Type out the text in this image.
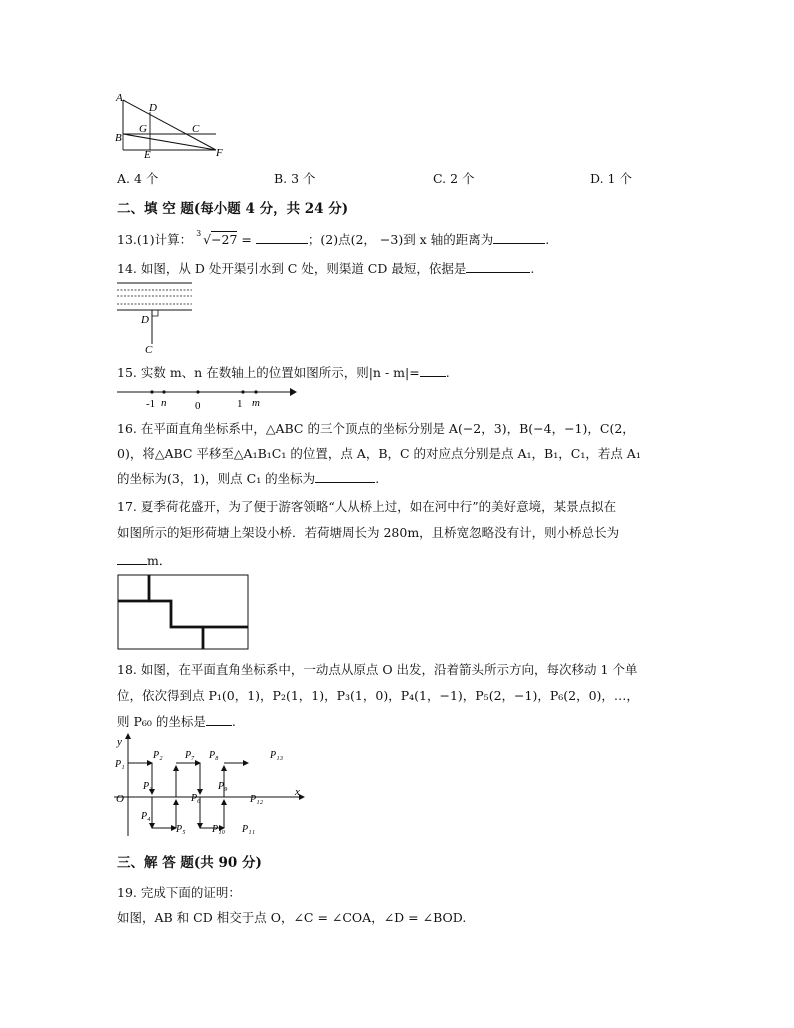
A
D
G	C
B
E	F
A. 4 个	B. 3 个	C. 2 个	D. 1 个
二、填 空 题(每小题 4 分，共 24 分)
13.(1)计算： 3 √−27 =	；(2)点(2， −3)到 x 轴的距离为	.
14. 如图，从 D 处开渠引水到 C 处，则渠道 CD 最短，依据是	.
D
C
15. 实数 m、n 在数轴上的位置如图所示，则|n - m|= .
-1 n	0	1 m
16. 在平面直角坐标系中，△ABC 的三个顶点的坐标分别是 A(−2，3)，B(−4，−1)，C(2，
0)，将△ABC 平移至△A₁B₁C₁ 的位置，点 A，B，C 的对应点分别是点 A₁，B₁，C₁，若点 A₁
的坐标为(3，1)，则点 C₁ 的坐标为	.
17. 夏季荷花盛开，为了便于游客领略“人从桥上过，如在河中行”的美好意境，某景点拟在
如图所示的矩形荷塘上架设小桥．若荷塘周长为 280m，且桥宽忽略没有计，则小桥总长为
m．
18. 如图，在平面直角坐标系中，一动点从原点 O 出发，沿着箭头所示方向，每次移动 1 个单
位，依次得到点 P₁(0，1)，P₂(1，1)，P₃(1，0)，P₄(1，−1)，P₅(2，−1)，P₆(2，0)，…，
则 P₆₀ 的坐标是 .
y
x
O
P₁
P₂
P₃
P₄
P₅
P₆
P₇ P₈
P₉
P₁₀ P₁₁
P₁₂
P₁₃
三、解 答 题(共 90 分)
19. 完成下面的证明：
如图，AB 和 CD 相交于点 O，∠C = ∠COA，∠D = ∠BOD.
